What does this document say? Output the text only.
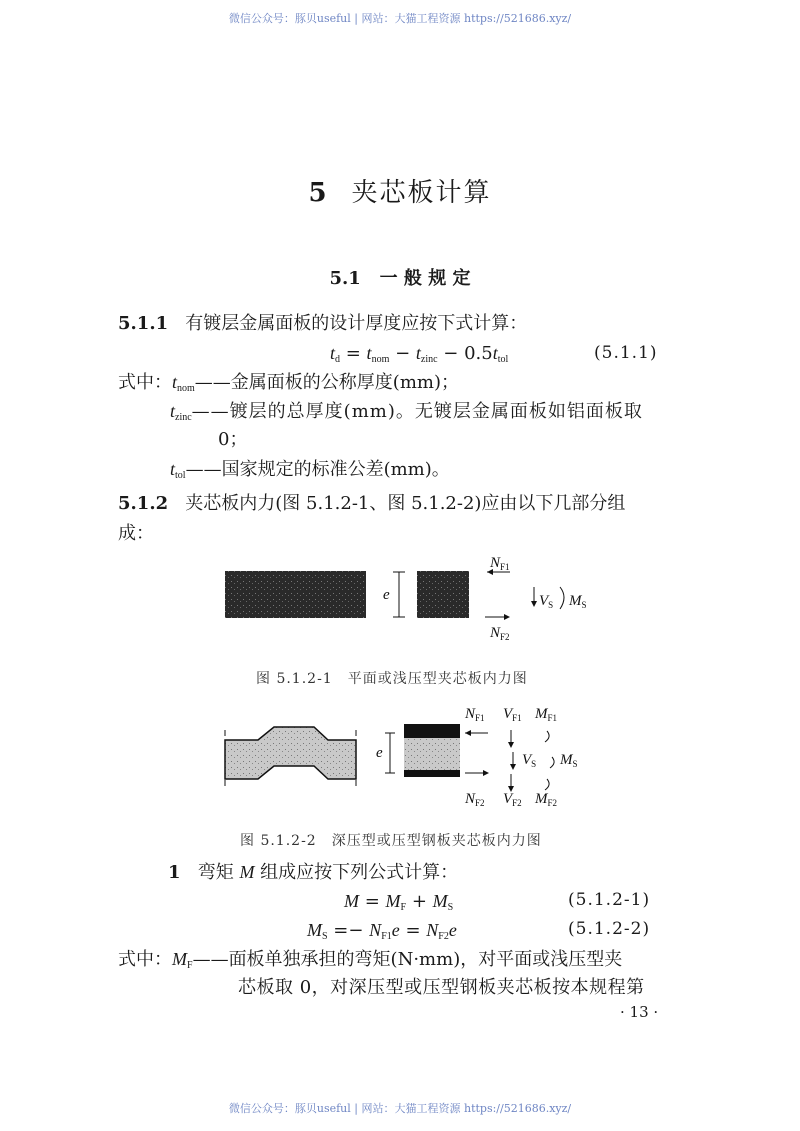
微信公众号：豚贝useful | 网站：大猫工程资源 https://521686.xyz/
5 夹芯板计算
5.1 一 般 规 定
5.1.1 有镀层金属面板的设计厚度应按下式计算：
$t_d = t_{nom} - t_{zinc} - 0.5t_{tol}$	(5.1.1)
式中：$t_{nom}——$金属面板的公称厚度(mm)；
$t_{zinc}——$镀层的总厚度(mm)。无镀层金属面板如铝面板取
0；
$t_{tol}——$国家规定的标准公差(mm)。
5.1.2 夹芯板内力(图 5.1.2-1、图 5.1.2-2)应由以下几部分组
成：
e
$N_{F1}$
$N_{F2}$
$V_S$ $M_S$
图 5.1.2-1　平面或浅压型夹芯板内力图
e
$N_{F1}$ $V_{F1}$ $M_{F1}$
$V_S$ $M_S$
$N_{F2}$ $V_{F2}$ $M_{F2}$
图 5.1.2-2　深压型或压型钢板夹芯板内力图
1 弯矩 M 组成应按下列公式计算：
$M = M_F + M_S$	(5.1.2-1)
$M_S =- N_{F1}e = N_{F2}e$	(5.1.2-2)
式中：$M_F——$面板单独承担的弯矩(N·mm)，对平面或浅压型夹
芯板取 0，对深压型或压型钢板夹芯板按本规程第
· 13 ·
微信公众号：豚贝useful | 网站：大猫工程资源 https://521686.xyz/
